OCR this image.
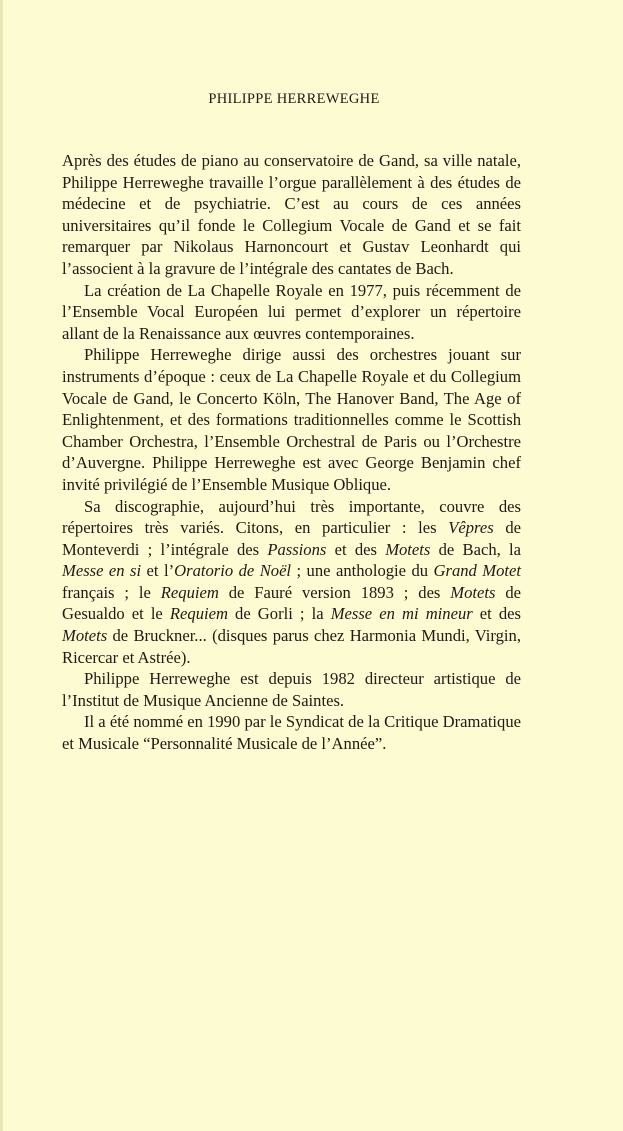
PHILIPPE HERREWEGHE

Après des études de piano au conservatoire de Gand, sa ville natale, Philippe Herreweghe travaille l’orgue parallèlement à des études de médecine et de psychiatrie. C’est au cours de ces années universitaires qu’il fonde le Collegium Vocale de Gand et se fait remarquer par Nikolaus Harnoncourt et Gustav Leonhardt qui l’associent à la gravure de l’intégrale des cantates de Bach.

La création de La Chapelle Royale en 1977, puis récemment de l’Ensemble Vocal Européen lui permet d’explorer un répertoire allant de la Renaissance aux œuvres contemporaines.

Philippe Herreweghe dirige aussi des orchestres jouant sur instruments d’époque : ceux de La Chapelle Royale et du Collegium Vocale de Gand, le Concerto Köln, The Hanover Band, The Age of Enlightenment, et des formations traditionnelles comme le Scottish Chamber Orchestra, l’Ensemble Orchestral de Paris ou l’Orchestre d’Auvergne. Philippe Herreweghe est avec George Benjamin chef invité privilégié de l’Ensemble Musique Oblique.

Sa discographie, aujourd’hui très importante, couvre des répertoires très variés. Citons, en particulier : les Vêpres de Monteverdi ; l’intégrale des Passions et des Motets de Bach, la Messe en si et l’Oratorio de Noël ; une anthologie du Grand Motet français ; le Requiem de Fauré version 1893 ; des Motets de Gesualdo et le Requiem de Gorli ; la Messe en mi mineur et des Motets de Bruckner... (disques parus chez Harmonia Mundi, Virgin, Ricercar et Astrée).

Philippe Herreweghe est depuis 1982 directeur artistique de l’Institut de Musique Ancienne de Saintes.

Il a été nommé en 1990 par le Syndicat de la Critique Dramatique et Musicale “Personnalité Musicale de l’Année”.
